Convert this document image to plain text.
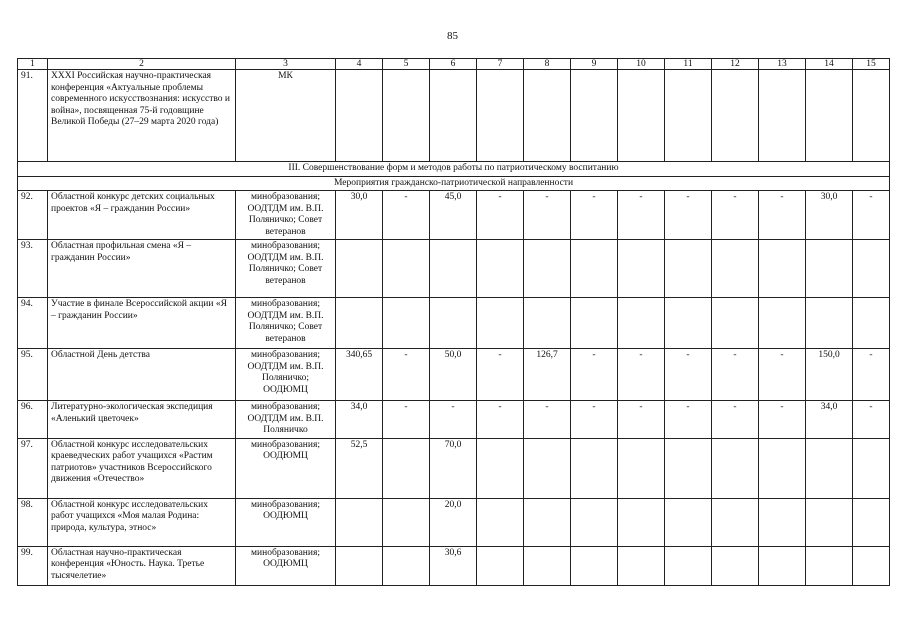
85
1	2	3	4	5	6	7	8	9	10	11	12	13	14	15
91.	XXXI Российская научно-практическая конференция «Актуальные проблемы современного искусствознания: искусство и война», посвященная 75-й годовщине Великой Победы (27–29 марта 2020 года)	МК												
III. Совершенствование форм и методов работы по патриотическому воспитанию														
Мероприятия гражданско-патриотической направленности														
92.	Областной конкурс детских социальных проектов «Я – гражданин России»	минобразования; ООДТДМ им. В.П. Поляничко; Совет ветеранов	30,0	-	45,0	-	-	-	-	-	-	-	30,0	-
93.	Областная профильная смена «Я – гражданин России»	минобразования; ООДТДМ им. В.П. Поляничко; Совет ветеранов												
94.	Участие в финале Всероссийской акции «Я – гражданин России»	минобразования; ООДТДМ им. В.П. Поляничко; Совет ветеранов												
95.	Областной День детства	минобразования; ООДТДМ им. В.П. Поляничко; ООДЮМЦ	340,65	-	50,0	-	126,7	-	-	-	-	-	150,0	-
96.	Литературно-экологическая экспедиция «Аленький цветочек»	минобразования; ООДТДМ им. В.П. Поляничко	34,0	-	-	-	-	-	-	-	-	-	34,0	-
97.	Областной конкурс исследовательских краеведческих работ учащихся «Растим патриотов» участников Всероссийского движения «Отечество»	минобразования; ООДЮМЦ	52,5		70,0									
98.	Областной конкурс исследовательских работ учащихся «Моя малая Родина: природа, культура, этнос»	минобразования; ООДЮМЦ			20,0									
99.	Областная научно-практическая конференция «Юность. Наука. Третье тысячелетие»	минобразования; ООДЮМЦ			30,6									
